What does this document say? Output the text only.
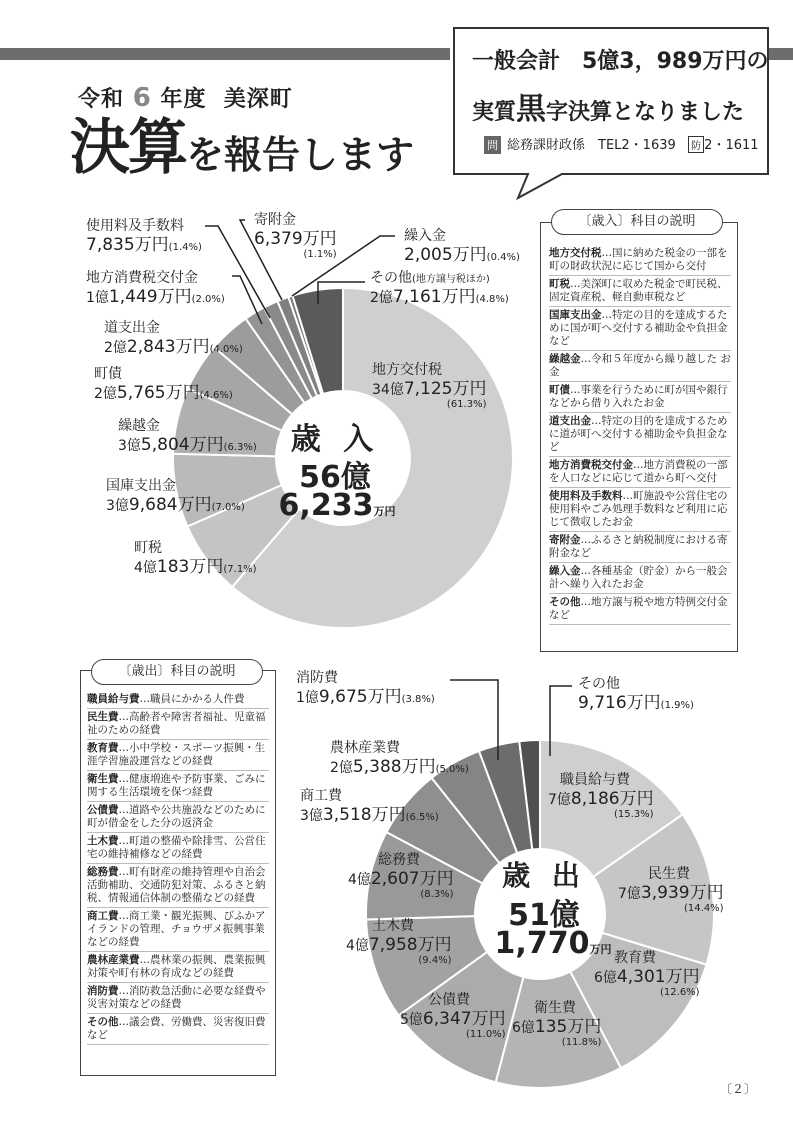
令和 6 年度 美深町
決算を報告します
一般会計　5億3，989万円の
実質黒字決算となりました
問 総務課財政係　TEL2・1639 防 2・1611
歳 入
56億
6,233万円
使用料及手数料
7,835万円(1.4%)
寄附金
6,379万円
(1.1%)
繰入金
2,005万円(0.4%)
その他(地方譲与税ほか)
2億7,161万円(4.8%)
地方消費税交付金
1億1,449万円(2.0%)
道支出金
2億2,843万円(4.0%)
町債
2億5,765万円(4.6%)
繰越金
3億5,804万円(6.3%)
国庫支出金
3億9,684万円(7.0%)
町税
4億183万円(7.1%)
地方交付税
34億7,125万円
(61.3%)
〔歳入〕科目の説明
地方交付税…国に納めた税金の一部を町の財政状況に応じて国から交付
町税…美深町に収めた税金で町民税、固定資産税、軽自動車税など
国庫支出金…特定の目的を達成するために国が町へ交付する補助金や負担金など
繰越金…令和５年度から繰り越した お金
町債…事業を行うために町が国や銀行などから借り入れたお金
道支出金…特定の目的を達成するために道が町へ交付する補助金や負担金など
地方消費税交付金…地方消費税の一部を人口などに応じて道から町へ交付
使用料及手数料…町施設や公営住宅の使用料やごみ処理手数料など利用に応じて徴収したお金
寄附金…ふるさと納税制度における寄附金など
繰入金…各種基金（貯金）から一般会計へ繰り入れたお金
その他…地方譲与税や地方特例交付金など
〔歳出〕科目の説明
職員給与費…職員にかかる人件費
民生費…高齢者や障害者福祉、児童福祉のための経費
教育費…小中学校・スポーツ振興・生涯学習施設運営などの経費
衛生費…健康増進や予防事業、ごみに関する生活環境を保つ経費
公債費…道路や公共施設などのために町が借金をした分の返済金
土木費…町道の整備や除排雪、公営住宅の維持補修などの経費
総務費…町有財産の維持管理や自治会活動補助、交通防犯対策、ふるさと納税、情報通信体制の整備などの経費
商工費…商工業・観光振興、びふかアイランドの管理、チョウザメ振興事業などの経費
農林産業費…農林業の振興、農業振興対策や町有林の育成などの経費
消防費…消防救急活動に必要な経費や災害対策などの経費
その他…議会費、労働費、災害復旧費など
歳 出
51億
1,770万円
消防費
1億9,675万円(3.8%)
その他
9,716万円(1.9%)
農林産業費
2億5,388万円(5.0%)
商工費
3億3,518万円(6.5%)
総務費
4億2,607万円
(8.3%)
土木費
4億7,958万円
(9.4%)
公債費
5億6,347万円
(11.0%)
衛生費
6億135万円
(11.8%)
教育費
6億4,301万円
(12.6%)
民生費
7億3,939万円
(14.4%)
職員給与費
7億8,186万円
(15.3%)
〔２〕
